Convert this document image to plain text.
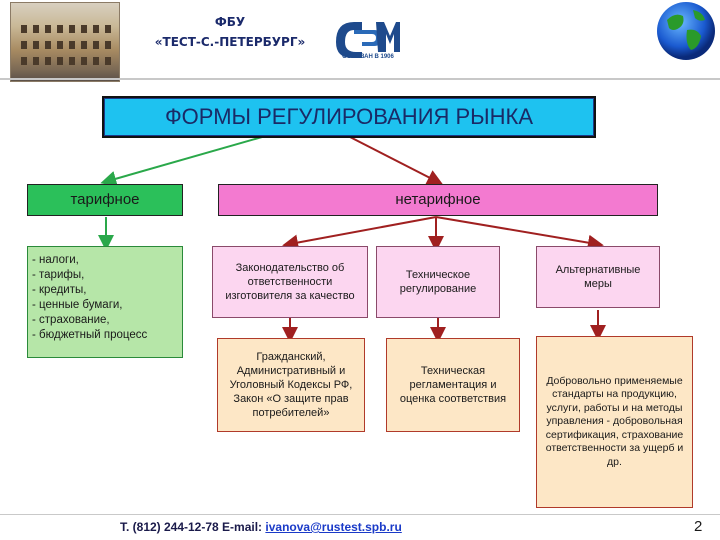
ФБУ
«ТЕСТ-С.-ПЕТЕРБУРГ»
ОСНОВАН В 1906
ФОРМЫ РЕГУЛИРОВАНИЯ РЫНКА
тарифное
- налоги,
- тарифы,
- кредиты,
- ценные бумаги,
- страхование,
- бюджетный процесс
нетарифное
Законодательство об ответственности изготовителя за качество
Техническое регулирование
Альтернативные меры
Гражданский, Административный и Уголовный Кодексы РФ, Закон «О защите прав потребителей»
Техническая регламентация и оценка соответствия
Добровольно применяемые стандарты на продукцию, услуги, работы и на методы управления - добровольная сертификация, страхование ответственности за ущерб и др.
Т. (812) 244-12-78 E-mail: ivanova@rustest.spb.ru	2
